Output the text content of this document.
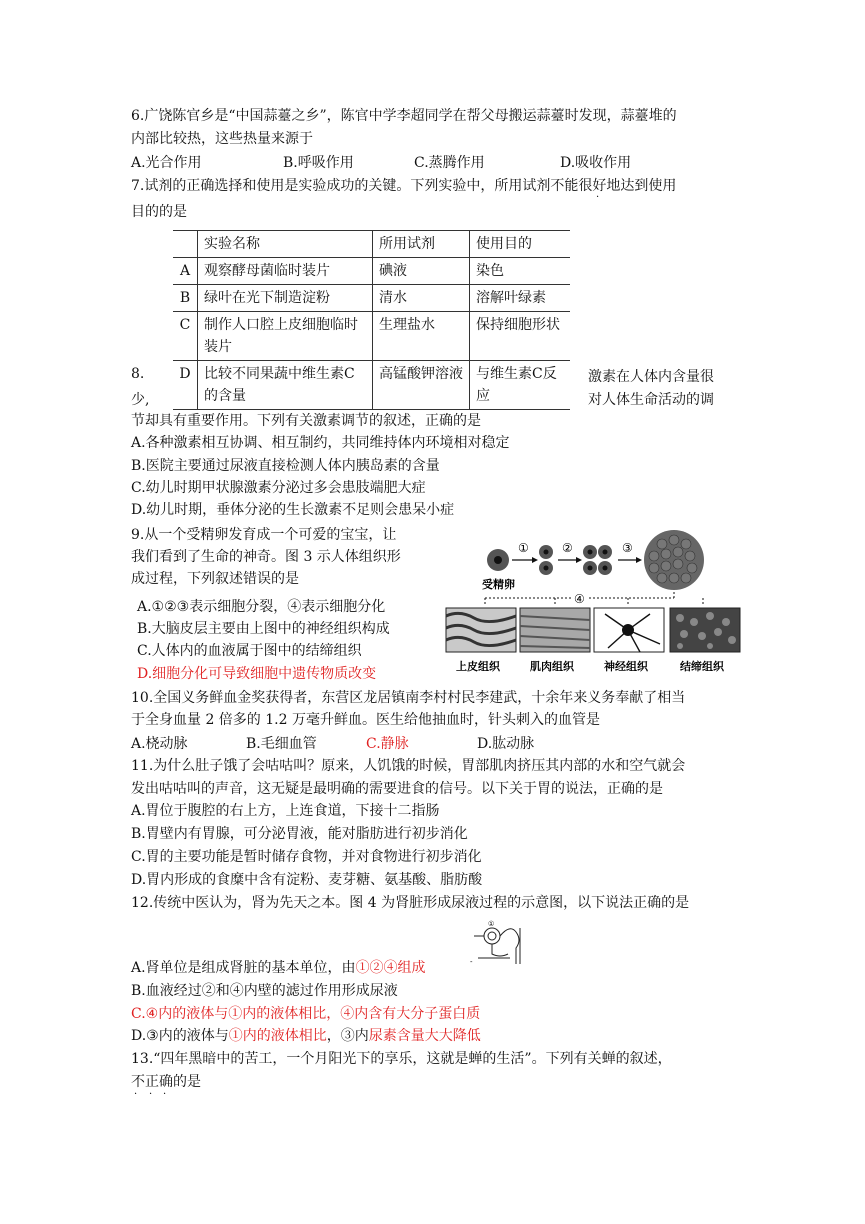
6.广饶陈官乡是“中国蒜薹之乡”，陈官中学李超同学在帮父母搬运蒜薹时发现，蒜薹堆的
内部比较热，这些热量来源于
A.光合作用	B.呼吸作用	C.蒸腾作用	D.吸收作用
7.试剂的正确选择和使用是实验成功的关键。下列实验中，所用试剂不能很好地达到使用
·
目的的是
	实验名称	所用试剂	使用目的
A	观察酵母菌临时装片	碘液	染色
B	绿叶在光下制造淀粉	清水	溶解叶绿素
C	制作人口腔上皮细胞临时装片	生理盐水	保持细胞形状
D	比较不同果蔬中维生素C的含量	高锰酸钾溶液	与维生素C反应
8.
少,
激素在人体内含量很
对人体生命活动的调
节却具有重要作用。下列有关激素调节的叙述，正确的是
A.各种激素相互协调、相互制约，共同维持体内环境相对稳定
B.医院主要通过尿液直接检测人体内胰岛素的含量
C.幼儿时期甲状腺激素分泌过多会患肢端肥大症
D.幼儿时期，垂体分泌的生长激素不足则会患呆小症
9.从一个受精卵发育成一个可爱的宝宝，让
我们看到了生命的神奇。图 3 示人体组织形
成过程，下列叙述错误的是
A.①②③表示细胞分裂，④表示细胞分化
B.大脑皮层主要由上图中的神经组织构成
C.人体内的血液属于图中的结缔组织
D.细胞分化可导致细胞中遗传物质改变
①	②	③
受精卵
④
上皮组织	肌肉组织	神经组织	结缔组织
10.全国义务鲜血金奖获得者，东营区龙居镇南李村村民李建武，十余年来义务奉献了相当
于全身血量 2 倍多的 1.2 万毫升鲜血。医生给他抽血时，针头刺入的血管是
A.桡动脉	B.毛细血管	C.静脉	D.肱动脉
11.为什么肚子饿了会咕咕叫？原来，人饥饿的时候，胃部肌肉挤压其内部的水和空气就会
发出咕咕叫的声音，这无疑是最明确的需要进食的信号。以下关于胃的说法，正确的是
A.胃位于腹腔的右上方，上连食道，下接十二指肠
B.胃壁内有胃腺，可分泌胃液，能对脂肪进行初步消化
C.胃的主要功能是暂时储存食物，并对食物进行初步消化
D.胃内形成的食糜中含有淀粉、麦芽糖、氨基酸、脂肪酸
12.传统中医认为，肾为先天之本。图 4 为肾脏形成尿液过程的示意图，以下说法正确的是
①
-
A.肾单位是组成肾脏的基本单位，由①②④组成
B.血液经过②和④内壁的滤过作用形成尿液
C.④内的液体与①内的液体相比，④内含有大分子蛋白质
D.③内的液体与①内的液体相比，③内尿素含量大大降低
13.“四年黑暗中的苦工，一个月阳光下的享乐，这就是蝉的生活”。下列有关蝉的叙述，
不正确的是
· · ·
